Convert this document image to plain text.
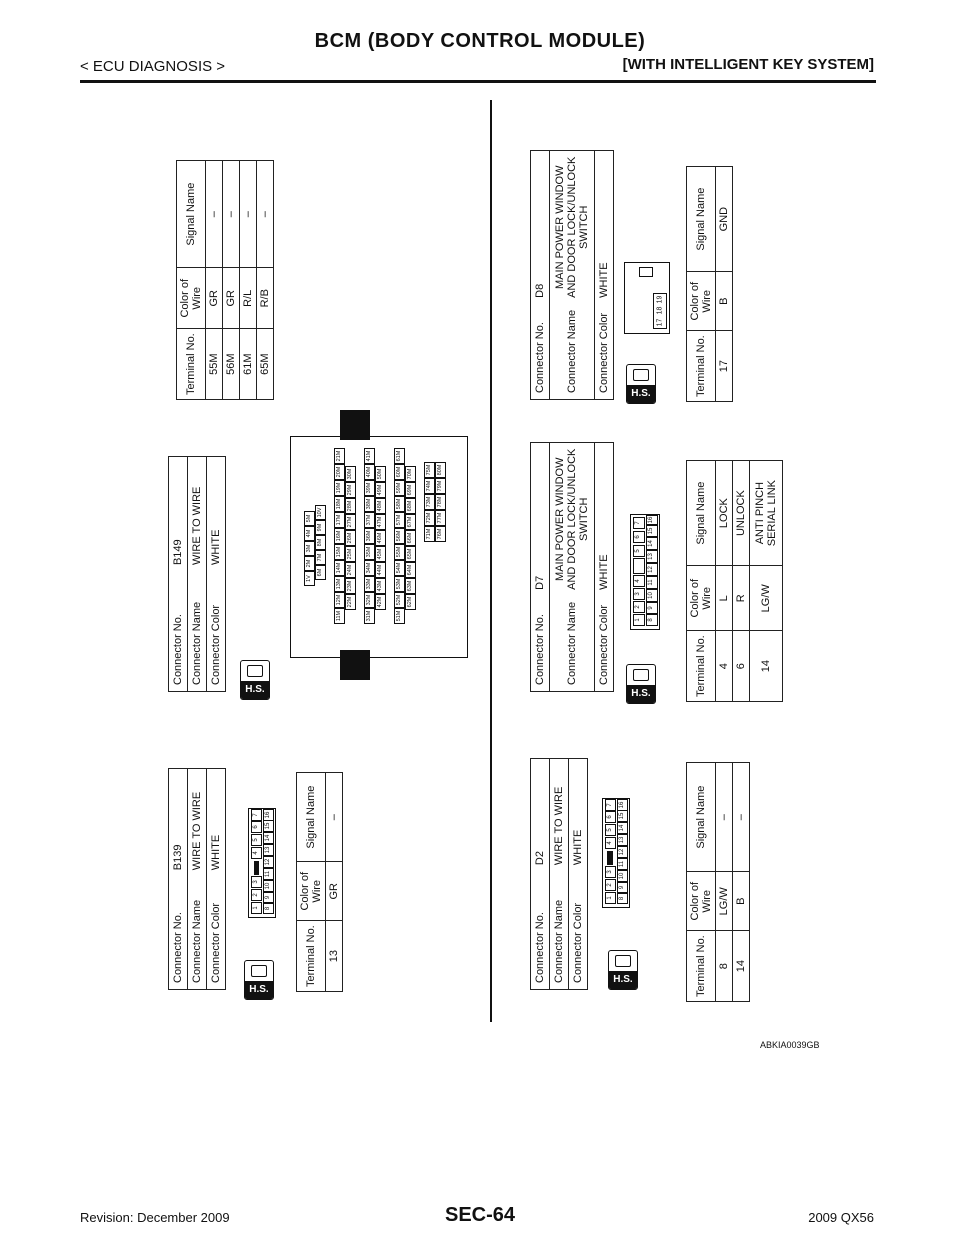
BCM (BODY CONTROL MODULE)
< ECU DIAGNOSIS >	[WITH INTELLIGENT KEY SYSTEM]
Connector No.	B139
Connector Name	WIRE TO WIRE
Connector Color	WHITE
H.S.
1
2
3
4
5
6
7
8
9
10
11
12
13
14
15
16
Terminal No.	Color of
Wire	Signal Name
13	GR	–
Connector No.	B149
Connector Name	WIRE TO WIRE
Connector Color	WHITE
H.S.
1V
2M
3M
4M
5M
6M
7M
8M
9M
10V
11M
12M
13M
14M
15M
16M
17M
18M
19M
20M
21M
22M
23M
24M
25M
26M
27M
28M
29M
30M
31M
32M
33M
34M
35M
36M
37M
38M
39M
40M
41M
42M
43M
44M
45M
46M
47M
48M
49M
50M
51M
52M
53M
54M
55M
56M
57M
58M
59M
60M
61M
62M
63M
64M
65M
66M
67M
68M
69M
70M
71M
72M
73M
74M
75M
76M
77M
78M
79M
80M
Terminal No.	Color of
Wire	Signal Name
55M	GR	–
56M	GR	–
61M	R/L	–
65M	R/B	–
Connector No.	D2
Connector Name	WIRE TO WIRE
Connector Color	WHITE
H.S.
1
2
3
4
5
6
7
8
9
10
11
12
13
14
15
16
Terminal No.	Color of
Wire	Signal Name
8	LG/W	–
14	B	–
Connector No.	D7
Connector Name	MAIN POWER WINDOW
AND DOOR LOCK/UNLOCK
SWITCH
Connector Color	WHITE
H.S.
1
2
3
4
5
6
7
8
9
10
11
12
13
14
15
16
Terminal No.	Color of
Wire	Signal Name
4	L	LOCK
6	R	UNLOCK
14	LG/W	ANTI PINCH
SERIAL LINK
Connector No.	D8
Connector Name	MAIN POWER WINDOW
AND DOOR LOCK/UNLOCK
SWITCH
Connector Color	WHITE
H.S.
19
18
17
Terminal No.	Color of
Wire	Signal Name
17	B	GND
ABKIA0039GB
Revision: December 2009	SEC-64	2009 QX56
